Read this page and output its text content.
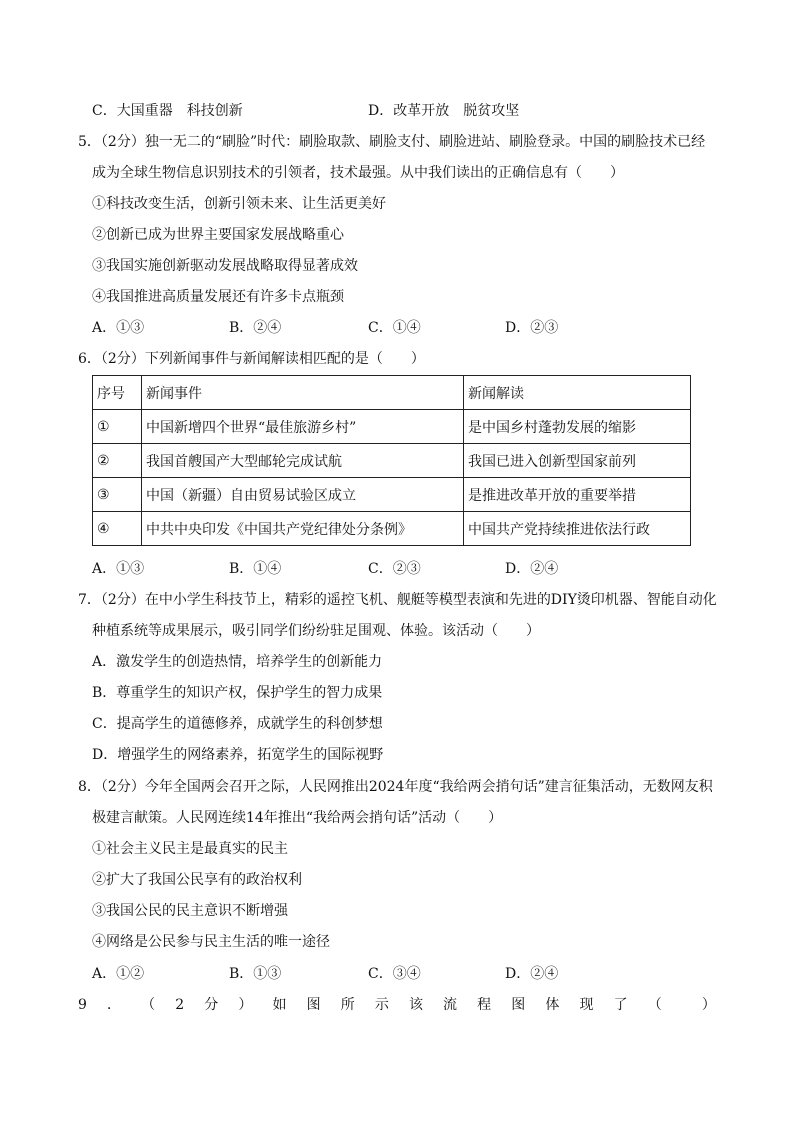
C．大国重器　科技创新	D．改革开放　脱贫攻坚
5．（2分）独一无二的“刷脸”时代：刷脸取款、刷脸支付、刷脸进站、刷脸登录。中国的刷脸技术已经
成为全球生物信息识别技术的引领者，技术最强。从中我们读出的正确信息有（　　）
①科技改变生活，创新引领未来、让生活更美好
②创新已成为世界主要国家发展战略重心
③我国实施创新驱动发展战略取得显著成效
④我国推进高质量发展还有许多卡点瓶颈
A．①③	B．②④	C．①④	D．②③
6．（2分）下列新闻事件与新闻解读相匹配的是（　　）
序号	新闻事件	新闻解读
①	中国新增四个世界“最佳旅游乡村”	是中国乡村蓬勃发展的缩影
②	我国首艘国产大型邮轮完成试航	我国已进入创新型国家前列
③	中国（新疆）自由贸易试验区成立	是推进改革开放的重要举措
④	中共中央印发《中国共产党纪律处分条例》	中国共产党持续推进依法行政
A．①③	B．①④	C．②③	D．②④
7．（2分）在中小学生科技节上，精彩的遥控飞机、舰艇等模型表演和先进的DIY烫印机器、智能自动化
种植系统等成果展示，吸引同学们纷纷驻足围观、体验。该活动（　　）
A．激发学生的创造热情，培养学生的创新能力
B．尊重学生的知识产权，保护学生的智力成果
C．提高学生的道德修养，成就学生的科创梦想
D．增强学生的网络素养，拓宽学生的国际视野
8．（2分）今年全国两会召开之际，人民网推出2024年度“我给两会捎句话”建言征集活动，无数网友积
极建言献策。人民网连续14年推出“我给两会捎句话”活动（　　）
①社会主义民主是最真实的民主
②扩大了我国公民享有的政治权利
③我国公民的民主意识不断增强
④网络是公民参与民主生活的唯一途径
A．①②	B．①③	C．③④	D．②④
9 ． （ 2 分 ） 如 图 所 示 该 流 程 图 体 现 了 （	）
